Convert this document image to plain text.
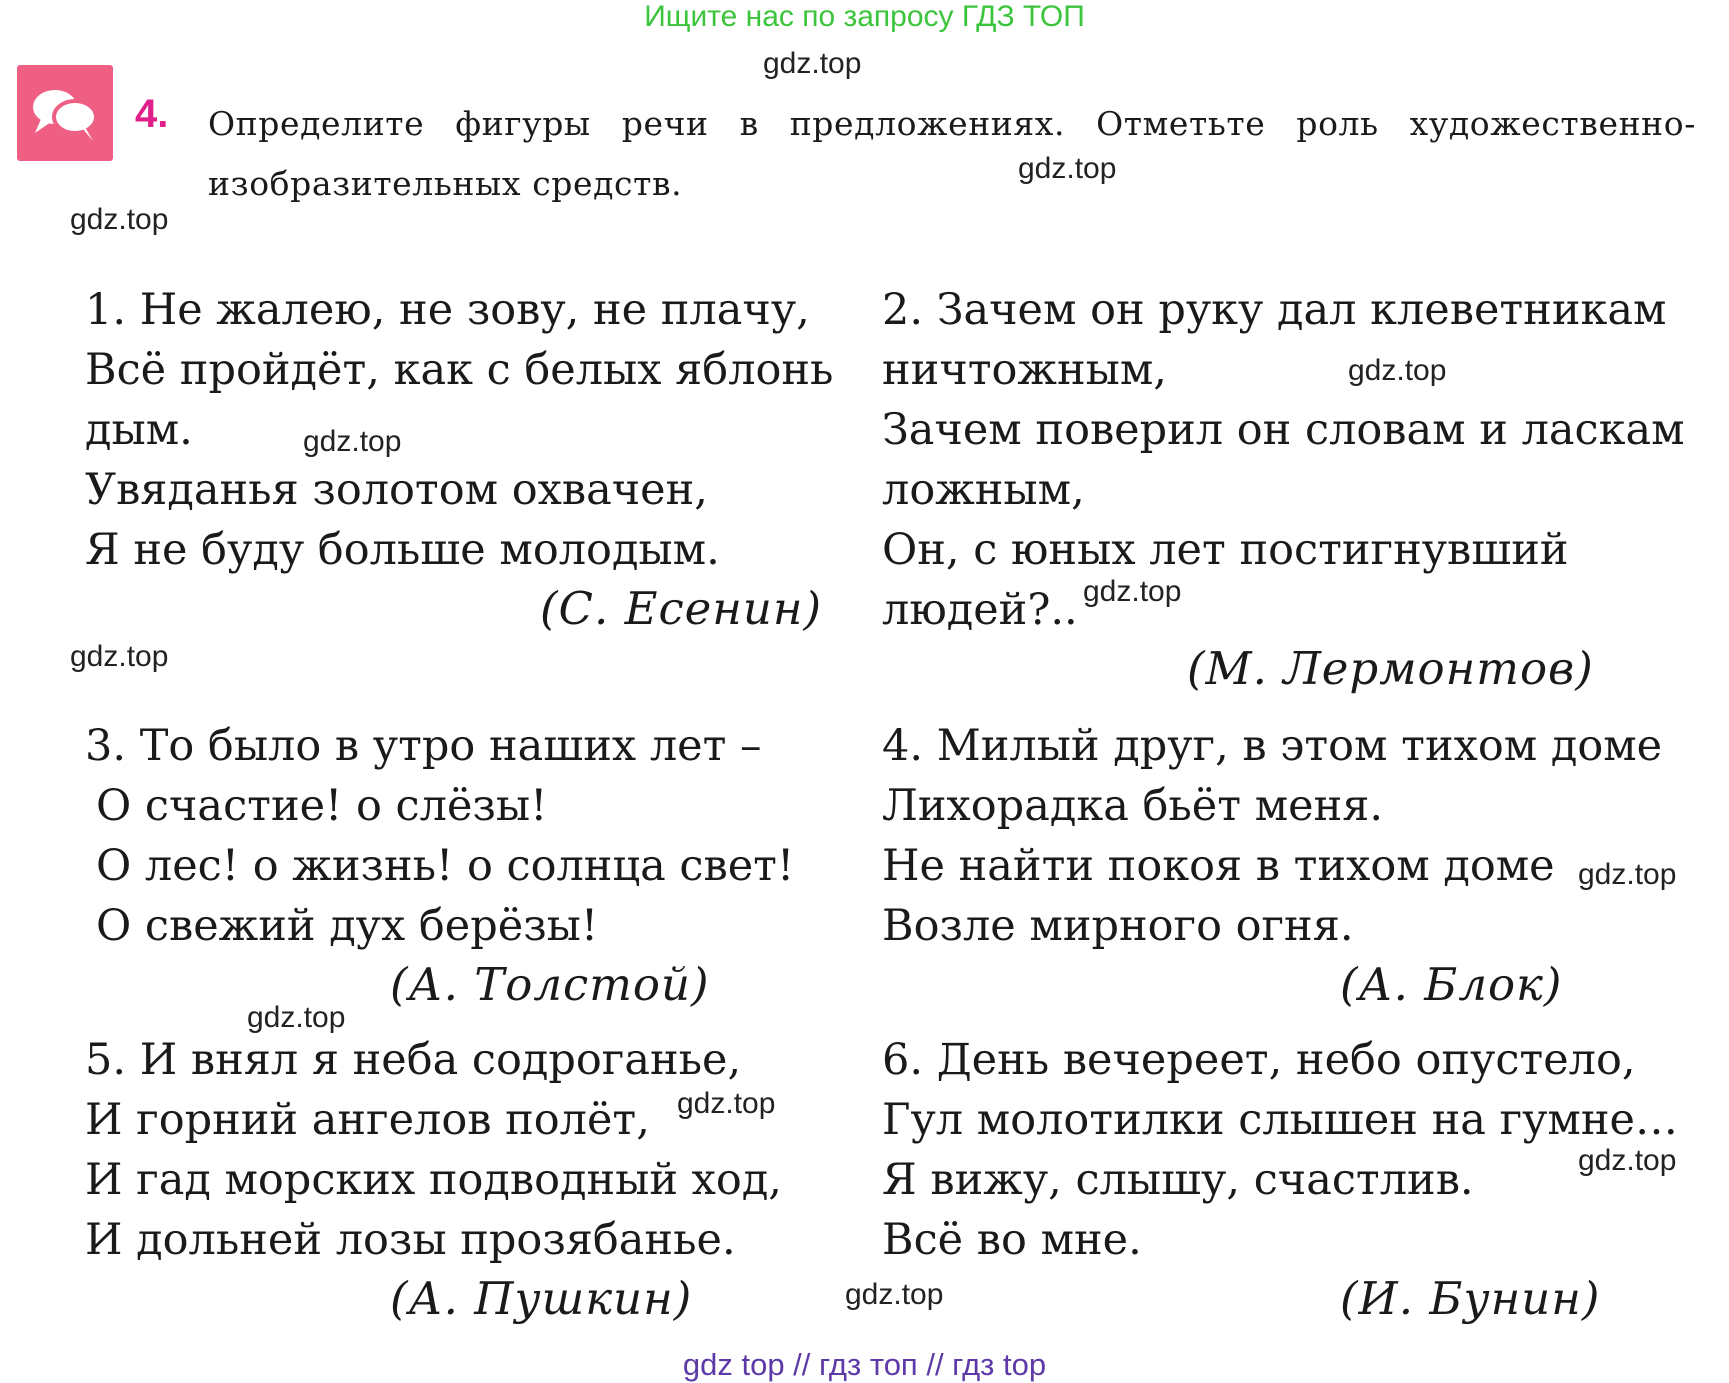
Ищите нас по запросу ГДЗ ТОП
4. Определите фигуры речи в предложениях. Отметьте роль художественно-изобразительных средств.
gdz.top
gdz.top
gdz.top
gdz.top
gdz.top
gdz.top
gdz.top
gdz.top
gdz.top
gdz.top
gdz.top
gdz.top
1. Не жалею, не зову, не плачу,
Всё пройдёт, как с белых яблонь
дым.
Увяданья золотом охвачен,
Я не буду больше молодым.
(С. Есенин)
2. Зачем он руку дал клеветникам
ничтожным,
Зачем поверил он словам и ласкам
ложным,
Он, с юных лет постигнувший
людей?..
(М. Лермонтов)
3. То было в утро наших лет –
О счастие! о слёзы!
О лес! о жизнь! о солнца свет!
О свежий дух берёзы!
(А. Толстой)
4. Милый друг, в этом тихом доме
Лихорадка бьёт меня.
Не найти покоя в тихом доме
Возле мирного огня.
(А. Блок)
5. И внял я неба содроганье,
И горний ангелов полёт,
И гад морских подводный ход,
И дольней лозы прозябанье.
(А. Пушкин)
6. День вечереет, небо опустело,
Гул молотилки слышен на гумне…
Я вижу, слышу, счастлив.
Всё во мне.
(И. Бунин)
gdz top // гдз топ // гдз top
